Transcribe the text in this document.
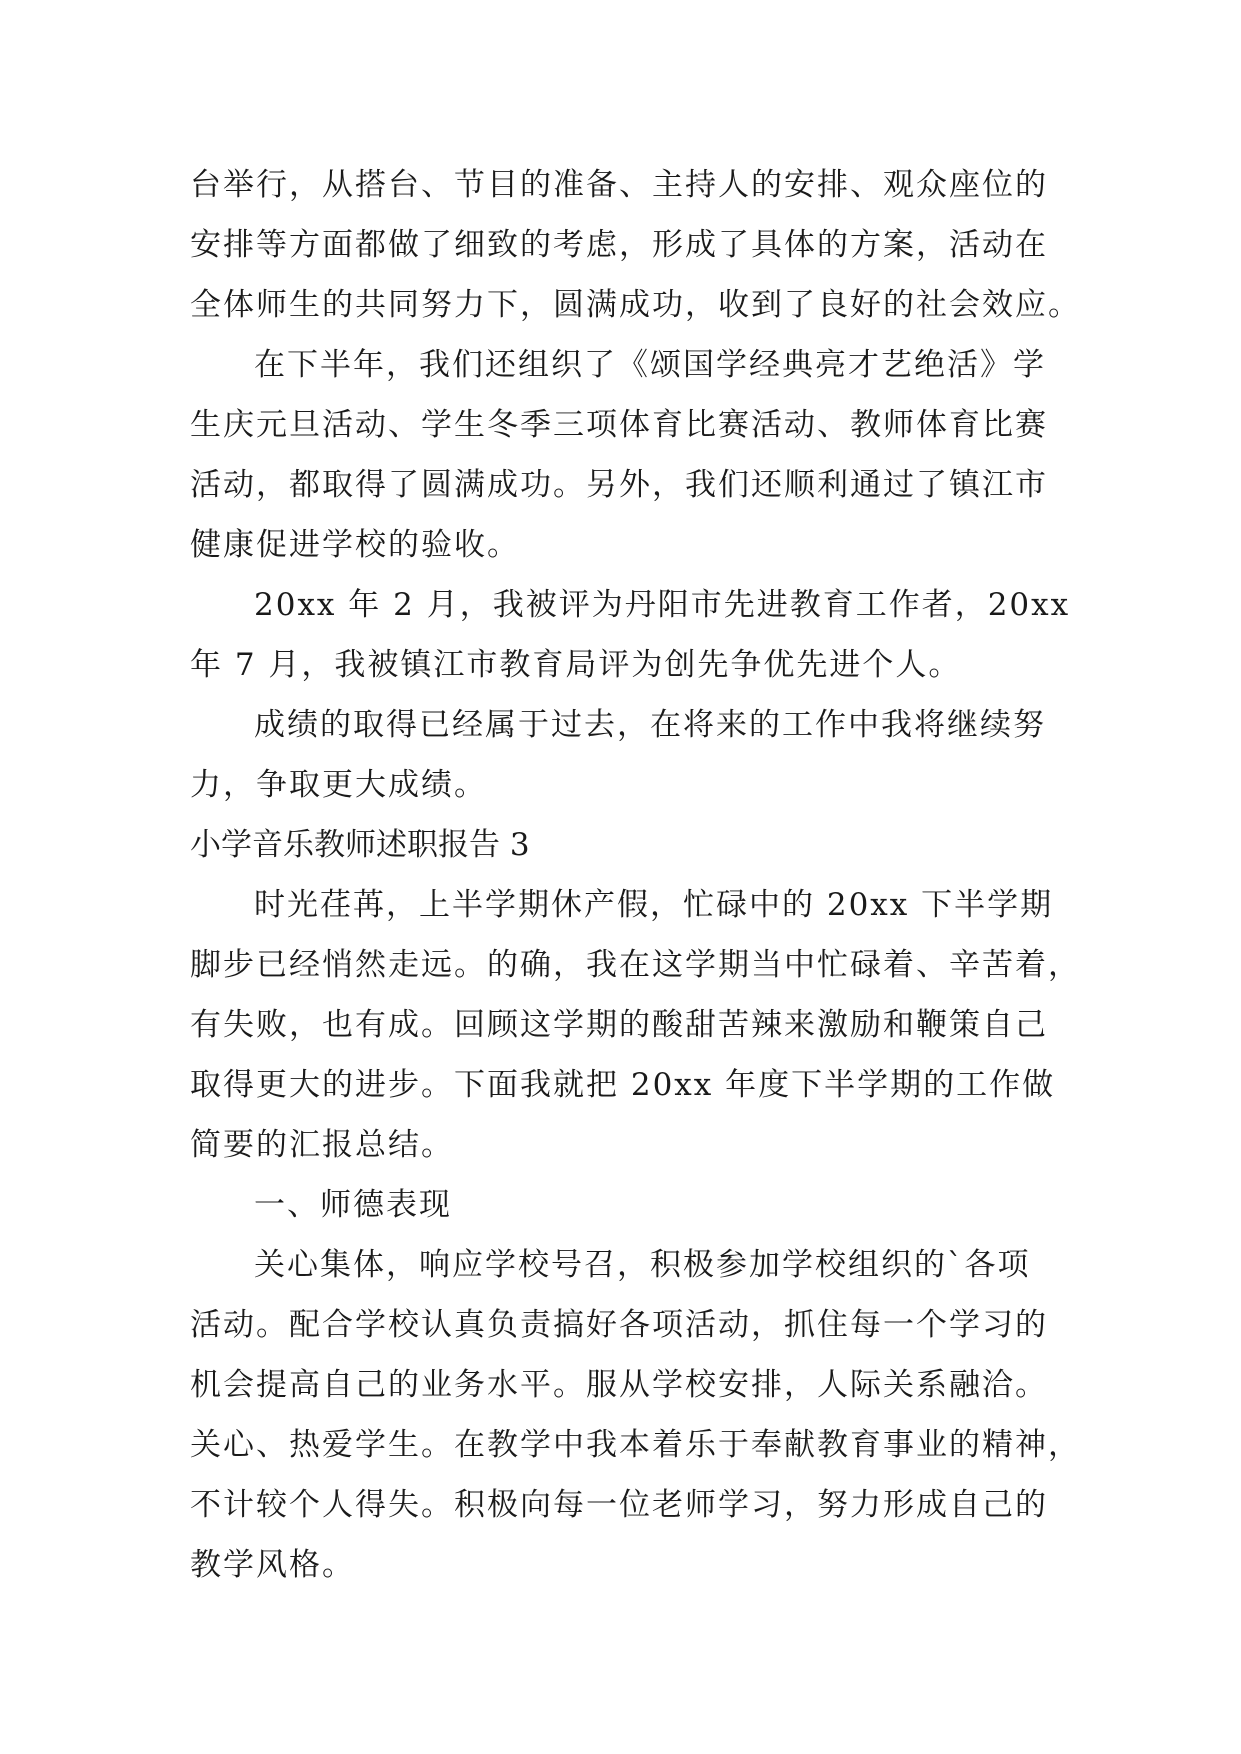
台举行，从搭台、节目的准备、主持人的安排、观众座位的
安排等方面都做了细致的考虑，形成了具体的方案，活动在
全体师生的共同努力下，圆满成功，收到了良好的社会效应。
在下半年，我们还组织了《颂国学经典亮才艺绝活》学
生庆元旦活动、学生冬季三项体育比赛活动、教师体育比赛
活动，都取得了圆满成功。另外，我们还顺利通过了镇江市
健康促进学校的验收。
20xx 年 2 月，我被评为丹阳市先进教育工作者，20xx
年 7 月，我被镇江市教育局评为创先争优先进个人。
成绩的取得已经属于过去，在将来的工作中我将继续努
力，争取更大成绩。
小学音乐教师述职报告 3
时光荏苒，上半学期休产假，忙碌中的 20xx 下半学期
脚步已经悄然走远。的确，我在这学期当中忙碌着、辛苦着，
有失败，也有成。回顾这学期的酸甜苦辣来激励和鞭策自己
取得更大的进步。下面我就把 20xx 年度下半学期的工作做
简要的汇报总结。
一、师德表现
关心集体，响应学校号召，积极参加学校组织的`各项
活动。配合学校认真负责搞好各项活动，抓住每一个学习的
机会提高自己的业务水平。服从学校安排，人际关系融洽。
关心、热爱学生。在教学中我本着乐于奉献教育事业的精神，
不计较个人得失。积极向每一位老师学习，努力形成自己的
教学风格。
